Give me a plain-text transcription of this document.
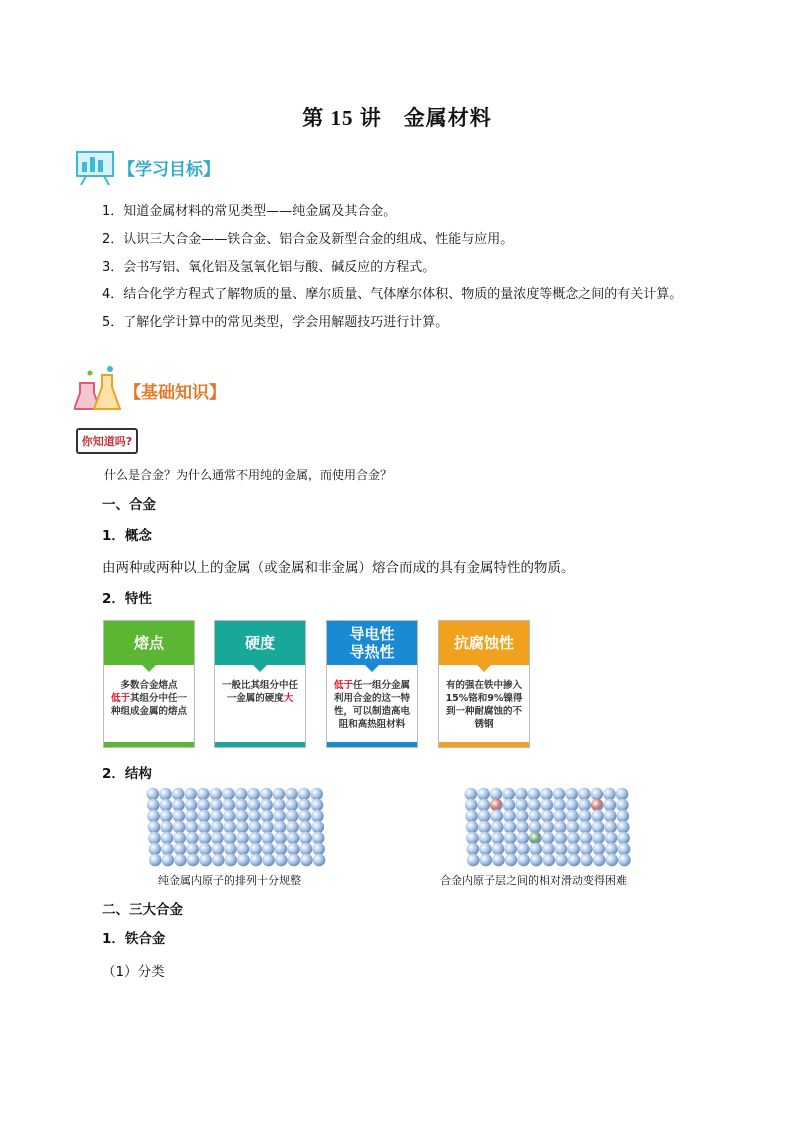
第 15 讲　金属材料
【学习目标】
1．知道金属材料的常见类型——纯金属及其合金。
2．认识三大合金——铁合金、铝合金及新型合金的组成、性能与应用。
3．会书写铝、氧化铝及氢氧化铝与酸、碱反应的方程式。
4．结合化学方程式了解物质的量、摩尔质量、气体摩尔体积、物质的量浓度等概念之间的有关计算。
5．了解化学计算中的常见类型，学会用解题技巧进行计算。
【基础知识】
你知道吗?
什么是合金？为什么通常不用纯的金属，而使用合金？
一、合金
1．概念
由两种或两种以上的金属（或金属和非金属）熔合而成的具有金属特性的物质。
2．特性
熔点
多数合金熔点
低于其组分中任一种组成金属的熔点
硬度
一般比其组分中任一金属的硬度大
导电性导热性
低于任一组分金属利用合金的这一特性，可以制造高电阻和高热阻材料
抗腐蚀性
有的强在铁中掺入15%铬和9%镍得到一种耐腐蚀的不锈钢
2．结构
纯金属内原子的排列十分规整	合金内原子层之间的相对滑动变得困难
二、三大合金
1．铁合金
（1）分类
